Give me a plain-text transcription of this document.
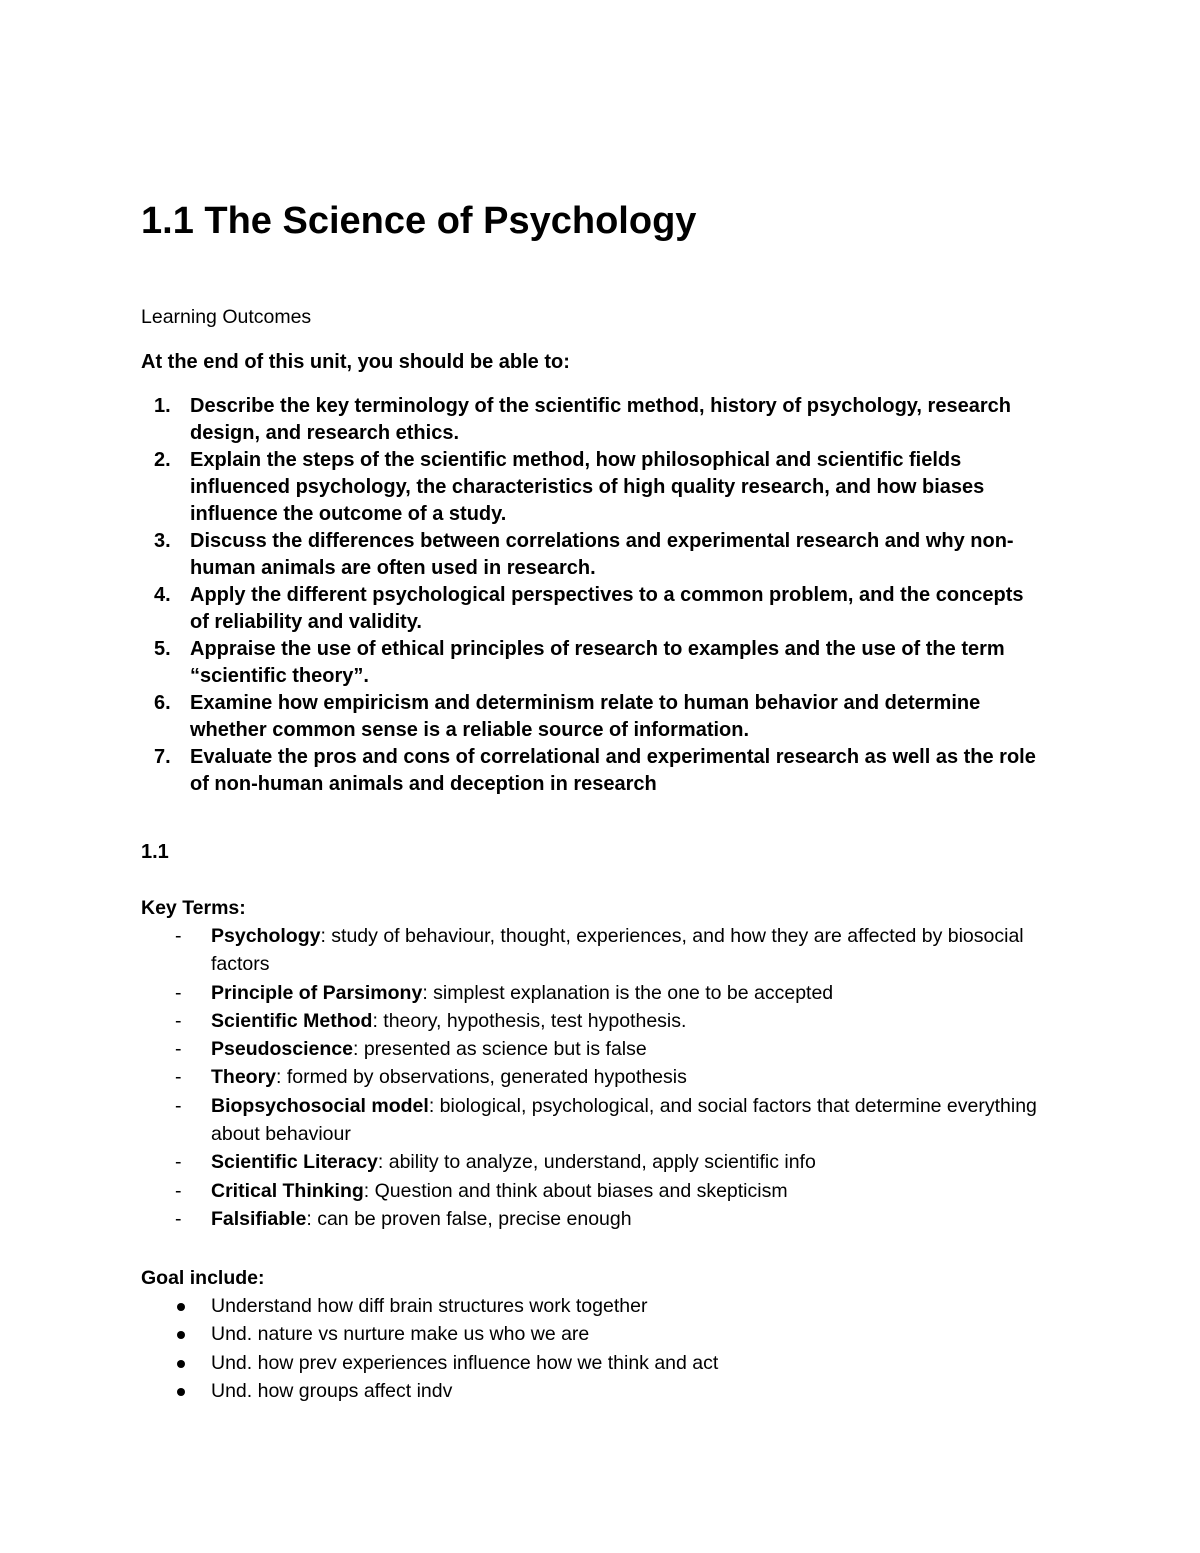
1.1 The Science of Psychology
Learning Outcomes
At the end of this unit, you should be able to:
1. Describe the key terminology of the scientific method, history of psychology, research design, and research ethics.
2. Explain the steps of the scientific method, how philosophical and scientific fields influenced psychology, the characteristics of high quality research, and how biases influence the outcome of a study.
3. Discuss the differences between correlations and experimental research and why non-human animals are often used in research.
4. Apply the different psychological perspectives to a common problem, and the concepts of reliability and validity.
5. Appraise the use of ethical principles of research to examples and the use of the term “scientific theory”.
6. Examine how empiricism and determinism relate to human behavior and determine whether common sense is a reliable source of information.
7. Evaluate the pros and cons of correlational and experimental research as well as the role of non-human animals and deception in research
1.1
Key Terms:
- Psychology: study of behaviour, thought, experiences, and how they are affected by biosocial factors
- Principle of Parsimony: simplest explanation is the one to be accepted
- Scientific Method: theory, hypothesis, test hypothesis.
- Pseudoscience: presented as science but is false
- Theory: formed by observations, generated hypothesis
- Biopsychosocial model: biological, psychological, and social factors that determine everything about behaviour
- Scientific Literacy: ability to analyze, understand, apply scientific info
- Critical Thinking: Question and think about biases and skepticism
- Falsifiable: can be proven false, precise enough
Goal include:
Understand how diff brain structures work together
Und. nature vs nurture make us who we are
Und. how prev experiences influence how we think and act
Und. how groups affect indv
